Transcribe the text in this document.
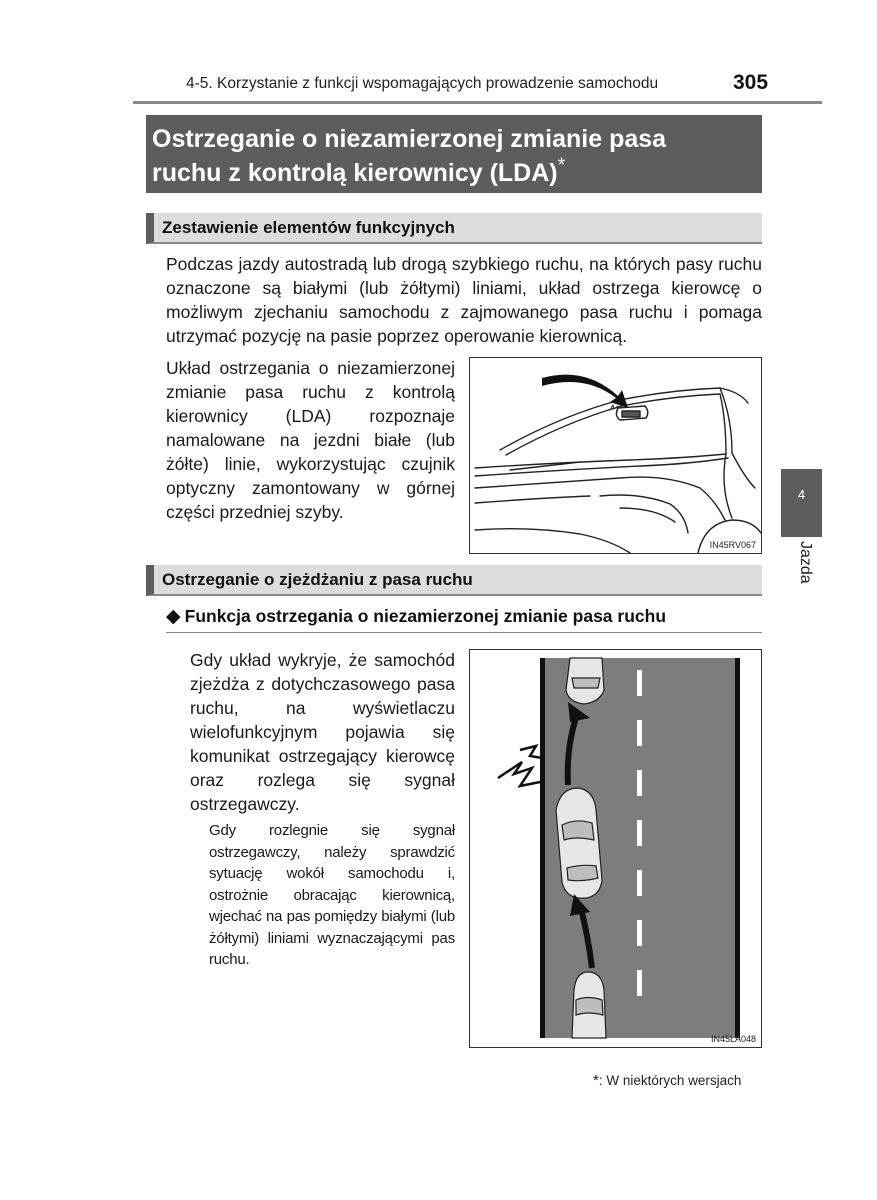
4-5. Korzystanie z funkcji wspomagających prowadzenie samochodu	305
Ostrzeganie o niezamierzonej zmianie pasa
ruchu z kontrolą kierownicy (LDA)*
Zestawienie elementów funkcyjnych

Podczas jazdy autostradą lub drogą szybkiego ruchu, na których pasy ruchu oznaczone są białymi (lub żółtymi) liniami, układ ostrzega kierowcę o możliwym zjechaniu samochodu z zajmowanego pasa ruchu i pomaga utrzymać pozycję na pasie poprzez operowanie kierownicą.

Układ ostrzegania o niezamierzonej zmianie pasa ruchu z kontrolą kierownicy (LDA) rozpoznaje namalowane na jezdni białe (lub żółte) linie, wykorzystując czujnik optyczny zamontowany w górnej części przedniej szyby.

IN45RV067
Ostrzeganie o zjeżdżaniu z pasa ruchu
◆ Funkcja ostrzegania o niezamierzonej zmianie pasa ruchu

Gdy układ wykryje, że samochód zjeżdża z dotychczasowego pasa ruchu, na wyświetlaczu wielofunkcyjnym pojawia się komunikat ostrzegający kierowcę oraz rozlega się sygnał ostrzegawczy.

Gdy rozlegnie się sygnał ostrzegawczy, należy sprawdzić sytuację wokół samochodu i, ostrożnie obracając kierownicą, wjechać na pas pomiędzy białymi (lub żółtymi) liniami wyznaczającymi pas ruchu.

IN45LA048
4
Jazda
*: W niektórych wersjach
